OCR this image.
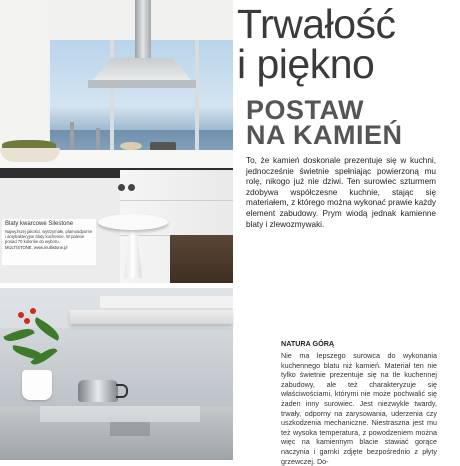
Blaty kwarcowe Silestone
Najwyższej jakości, wytrzymałe, plamoodporne i antybakteryjne blaty kuchenne. W palecie ponad 70 kolorów do wyboru.
MULTISTONE, www.multistone.pl
Trwałość
i piękno
POSTAW
NA KAMIEŃ
To, że kamień doskonale prezentuje się w kuchni, jednocześnie świetnie spełniając powierzoną mu rolę, nikogo już nie dziwi. Ten surowiec szturmem zdobywa współczesne kuchnie, stając się materiałem, z którego można wykonać prawie każdy element zabudowy. Prym wiodą jednak kamienne blaty i zlewozmywaki.
NATURA GÓRĄ
Nie ma lepszego surowca do wykonania kuchennego blatu niż kamień. Materiał ten nie tylko świetnie prezentuje się na tle kuchennej zabudowy, ale też charakteryzuje się właściwościami, którymi nie może pochwalić się żaden inny surowiec. Jest niezwykle twardy, trwały, odporny na zarysowania, uderzenia czy uszkodzenia mechaniczne. Niestraszna jest mu też wysoka temperatura, z powodzeniem można więc na kamiennym blacie stawiać gorące naczynia i garnki zdjęte bezpośrednio z płyty grzewczej. Do-
